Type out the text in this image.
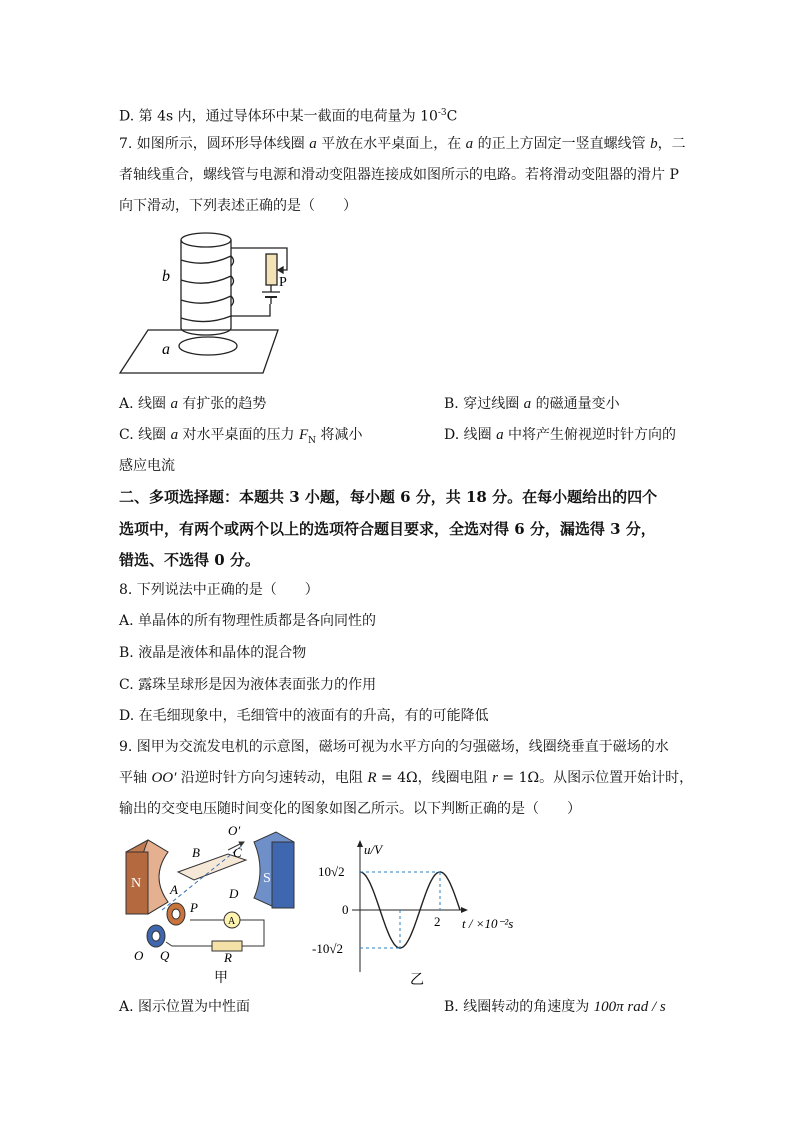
D. 第 4s 内，通过导体环中某一截面的电荷量为 $10^{-3}C$
7. 如图所示，圆环形导体线圈 a 平放在水平桌面上，在 a 的正上方固定一竖直螺线管 b，二
者轴线重合，螺线管与电源和滑动变阻器连接成如图所示的电路。若将滑动变阻器的滑片 P
向下滑动，下列表述正确的是（　　）
b
a
P
A. 线圈 a 有扩张的趋势	B. 穿过线圈 a 的磁通量变小
C. 线圈 a 对水平桌面的压力 $F_N$ 将减小	D. 线圈 a 中将产生俯视逆时针方向的
感应电流
二、多项选择题：本题共 3 小题，每小题 6 分，共 18 分。在每小题给出的四个
选项中，有两个或两个以上的选项符合题目要求，全选对得 6 分，漏选得 3 分，
错选、不选得 0 分。
8. 下列说法中正确的是（　　）
A. 单晶体的所有物理性质都是各向同性的
B. 液晶是液体和晶体的混合物
C. 露珠呈球形是因为液体表面张力的作用
D. 在毛细现象中，毛细管中的液面有的升高，有的可能降低
9. 图甲为交流发电机的示意图，磁场可视为水平方向的匀强磁场，线圈绕垂直于磁场的水
平轴 OO′ 沿逆时针方向匀速转动，电阻 R = 4Ω，线圈电阻 r = 1Ω。从图示位置开始计时，
输出的交变电压随时间变化的图象如图乙所示。以下判断正确的是（　　）
N	S
A
O′
B	C
A	D
P
Q
O	R
甲
u/V
10√2
0
-10√2
2 t / ×10⁻²s
乙
A. 图示位置为中性面	B. 线圈转动的角速度为 100π rad / s
